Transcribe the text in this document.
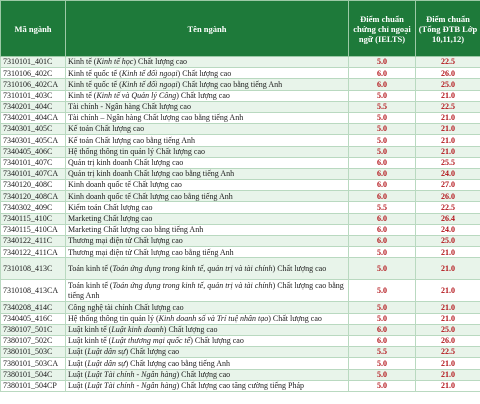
Mã ngành	Tên ngành	Điểm chuẩn chứng chỉ ngoại ngữ (IELTS)	Điểm chuẩn (Tổng ĐTB Lớp 10,11,12)
7310101_401C	Kinh tế (Kinh tế học) Chất lượng cao	5.0	22.5
7310106_402C	Kinh tế quốc tế (Kinh tế đối ngoại) Chất lượng cao	6.0	26.0
7310106_402CA	Kinh tế quốc tế (Kinh tế đối ngoại) Chất lượng cao bằng tiếng Anh	6.0	25.0
7310101_403C	Kinh tế (Kinh tế và Quản lý Công) Chất lượng cao	5.0	21.0
7340201_404C	Tài chính - Ngân hàng Chất lượng cao	5.5	22.5
7340201_404CA	Tài chính – Ngân hàng Chất lượng cao bằng tiếng Anh	5.0	21.0
7340301_405C	Kế toán Chất lượng cao	5.0	21.0
7340301_405CA	Kế toán Chất lượng cao bằng tiếng Anh	5.0	21.0
7340405_406C	Hệ thống thông tin quản lý Chất lượng cao	5.0	21.0
7340101_407C	Quản trị kinh doanh Chất lượng cao	6.0	25.5
7340101_407CA	Quản trị kinh doanh Chất lượng cao bằng tiếng Anh	6.0	24.0
7340120_408C	Kinh doanh quốc tế Chất lượng cao	6.0	27.0
7340120_408CA	Kinh doanh quốc tế Chất lượng cao bằng tiếng Anh	6.0	26.0
7340302_409C	Kiểm toán Chất lượng cao	5.5	22.5
7340115_410C	Marketing Chất lượng cao	6.0	26.4
7340115_410CA	Marketing Chất lượng cao bằng tiếng Anh	6.0	24.0
7340122_411C	Thương mại điện tử Chất lượng cao	6.0	25.0
7340122_411CA	Thương mại điện tử Chất lượng cao bằng tiếng Anh	5.0	21.0
7310108_413C	Toán kinh tế (Toán ứng dụng trong kinh tế, quản trị và tài chính) Chất lượng cao	5.0	21.0
7310108_413CA	Toán kinh tế (Toán ứng dụng trong kinh tế, quản trị và tài chính) Chất lượng cao bằng tiếng Anh	5.0	21.0
7340208_414C	Công nghệ tài chính Chất lượng cao	5.0	21.0
7340405_416C	Hệ thống thông tin quản lý (Kinh doanh số và Trí tuệ nhân tạo) Chất lượng cao	5.0	21.0
7380107_501C	Luật kinh tế (Luật kinh doanh) Chất lượng cao	6.0	25.0
7380107_502C	Luật kinh tế (Luật thương mại quốc tế) Chất lượng cao	6.0	26.0
7380101_503C	Luật (Luật dân sự) Chất lượng cao	5.5	22.5
7380101_503CA	Luật (Luật dân sự) Chất lượng cao bằng tiếng Anh	5.0	21.0
7380101_504C	Luật (Luật Tài chính - Ngân hàng) Chất lượng cao	5.0	21.0
7380101_504CP	Luật (Luật Tài chính - Ngân hàng) Chất lượng cao tăng cường tiếng Pháp	5.0	21.0
